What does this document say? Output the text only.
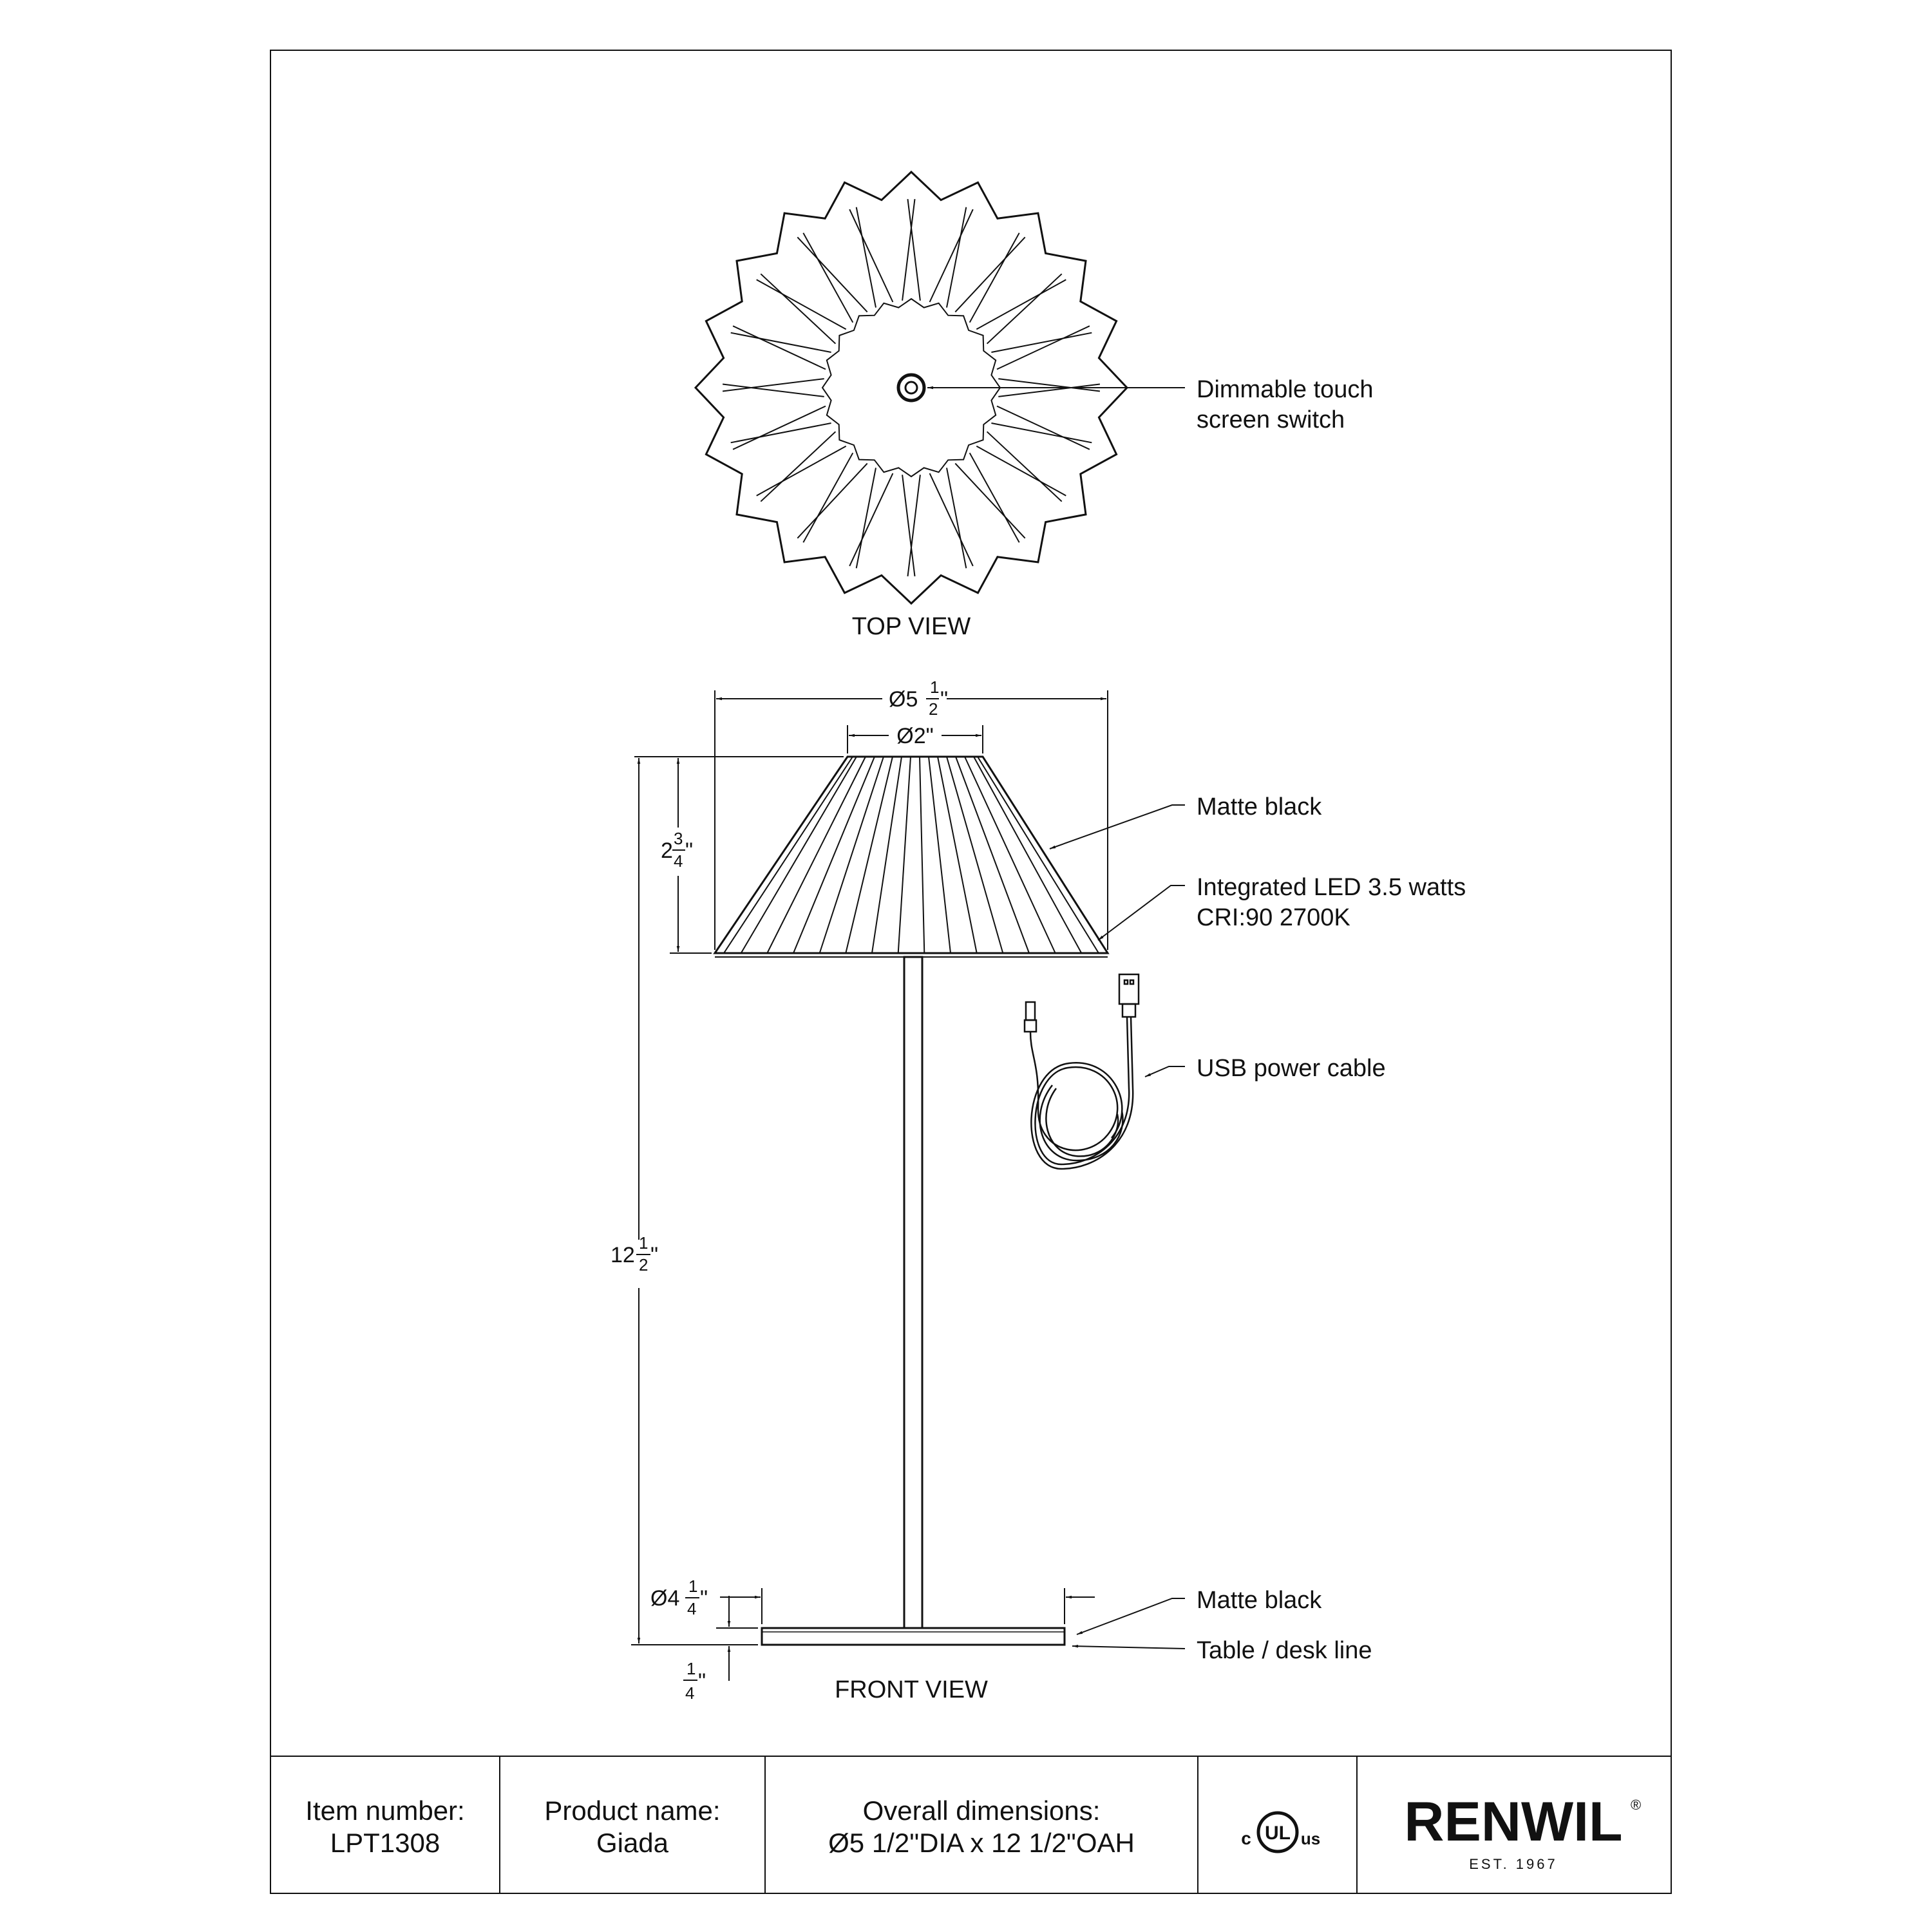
Dimmable touch
screen switch
TOP VIEW
Ø5 1
2 "
Ø2"
2 3
4 "
12 1
2 "
1
4 "
Ø4 1
4 "
Matte black
Integrated LED 3.5 watts
CRI:90 2700K
USB power cable
Matte black
Table / desk line
FRONT VIEW
Item number:
LPT1308
Product name:
Giada
Overall dimensions:
Ø5 1/2"DIA x 12 1/2"OAH	UL
c	us RENWIL ®
EST. 1967
